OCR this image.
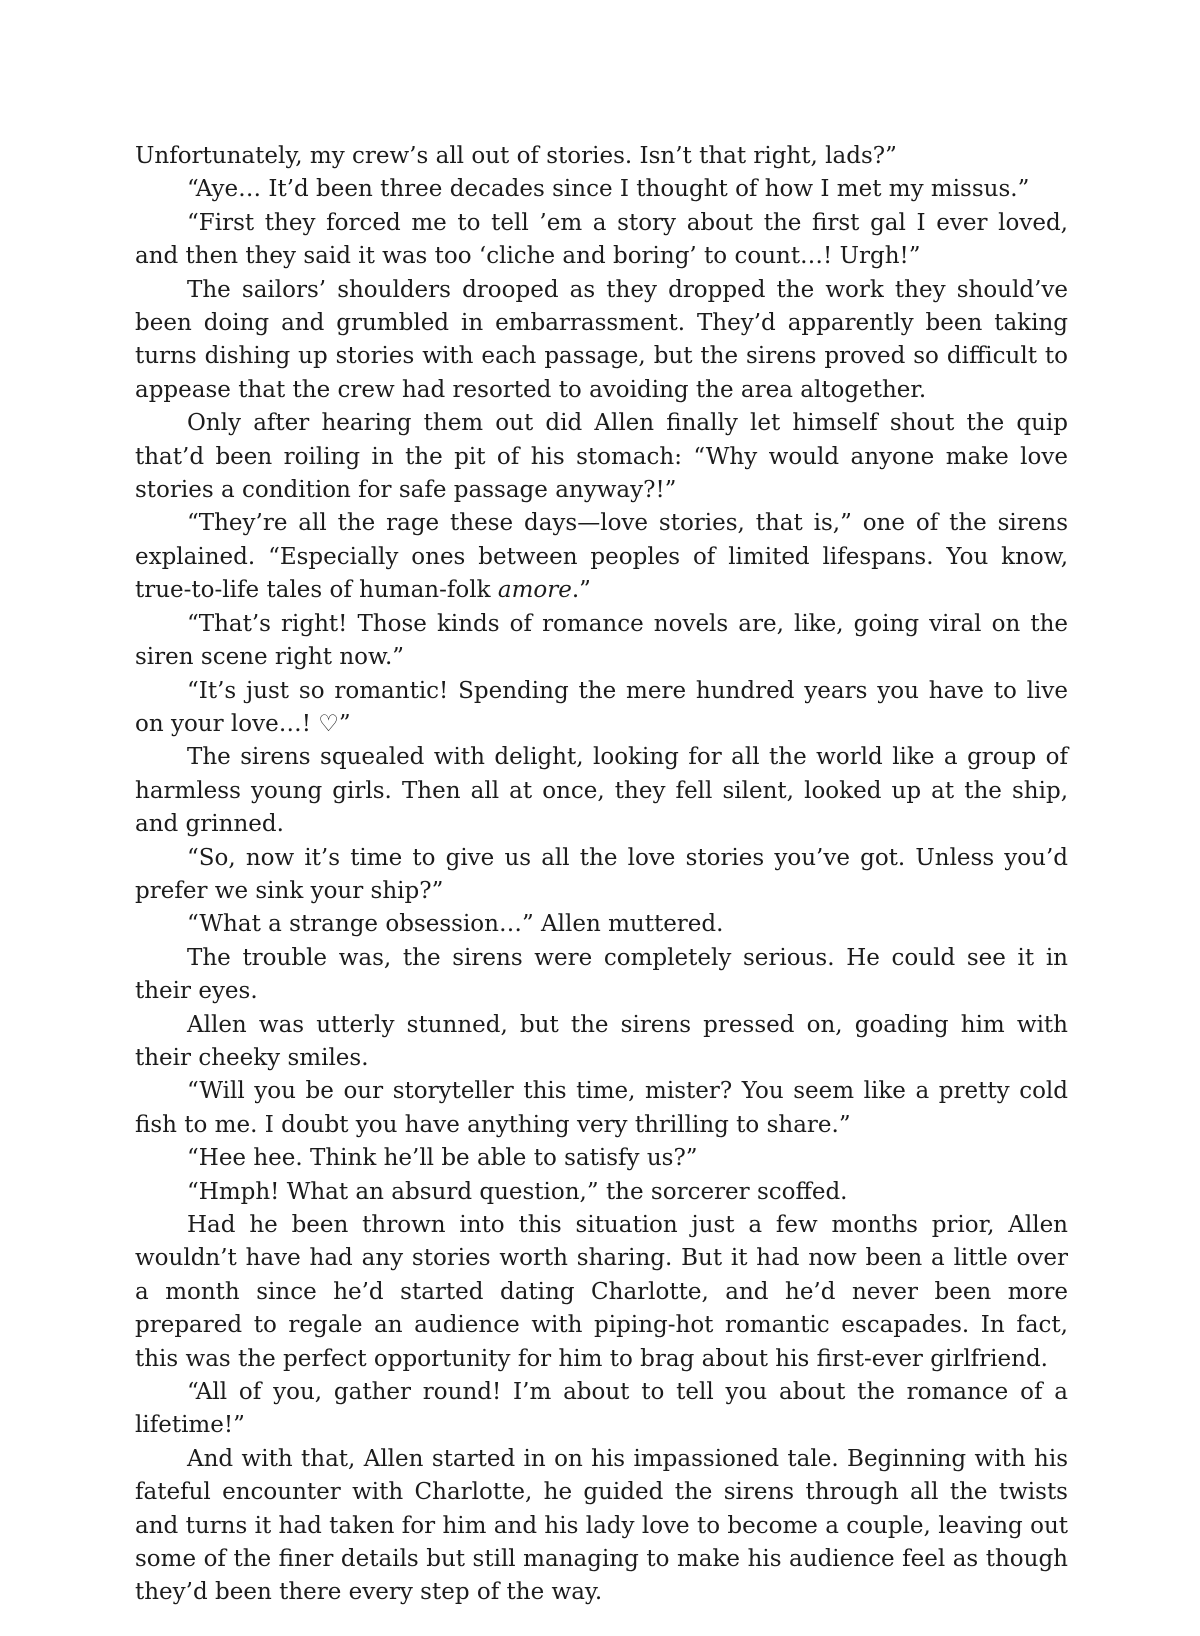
Unfortunately, my crew’s all out of stories. Isn’t that right, lads?”

“Aye… It’d been three decades since I thought of how I met my missus.”

“First they forced me to tell ’em a story about the first gal I ever loved, and then they said it was too ‘cliche and boring’ to count…! Urgh!”

The sailors’ shoulders drooped as they dropped the work they should’ve been doing and grumbled in embarrassment. They’d apparently been taking turns dishing up stories with each passage, but the sirens proved so difficult to appease that the crew had resorted to avoiding the area altogether.

Only after hearing them out did Allen finally let himself shout the quip that’d been roiling in the pit of his stomach: “Why would anyone make love stories a condition for safe passage anyway?!”

“They’re all the rage these days—love stories, that is,” one of the sirens explained. “Especially ones between peoples of limited lifespans. You know, true-to-life tales of human-folk amore.”

“That’s right! Those kinds of romance novels are, like, going viral on the siren scene right now.”

“It’s just so romantic! Spending the mere hundred years you have to live on your love…! ♡”

The sirens squealed with delight, looking for all the world like a group of harmless young girls. Then all at once, they fell silent, looked up at the ship, and grinned.

“So, now it’s time to give us all the love stories you’ve got. Unless you’d prefer we sink your ship?”

“What a strange obsession…” Allen muttered.

The trouble was, the sirens were completely serious. He could see it in their eyes.

Allen was utterly stunned, but the sirens pressed on, goading him with their cheeky smiles.

“Will you be our storyteller this time, mister? You seem like a pretty cold fish to me. I doubt you have anything very thrilling to share.”

“Hee hee. Think he’ll be able to satisfy us?”

“Hmph! What an absurd question,” the sorcerer scoffed.

Had he been thrown into this situation just a few months prior, Allen wouldn’t have had any stories worth sharing. But it had now been a little over a month since he’d started dating Charlotte, and he’d never been more prepared to regale an audience with piping-hot romantic escapades. In fact, this was the perfect opportunity for him to brag about his first-ever girlfriend.

“All of you, gather round! I’m about to tell you about the romance of a lifetime!”

And with that, Allen started in on his impassioned tale. Beginning with his fateful encounter with Charlotte, he guided the sirens through all the twists and turns it had taken for him and his lady love to become a couple, leaving out some of the finer details but still managing to make his audience feel as though they’d been there every step of the way.
